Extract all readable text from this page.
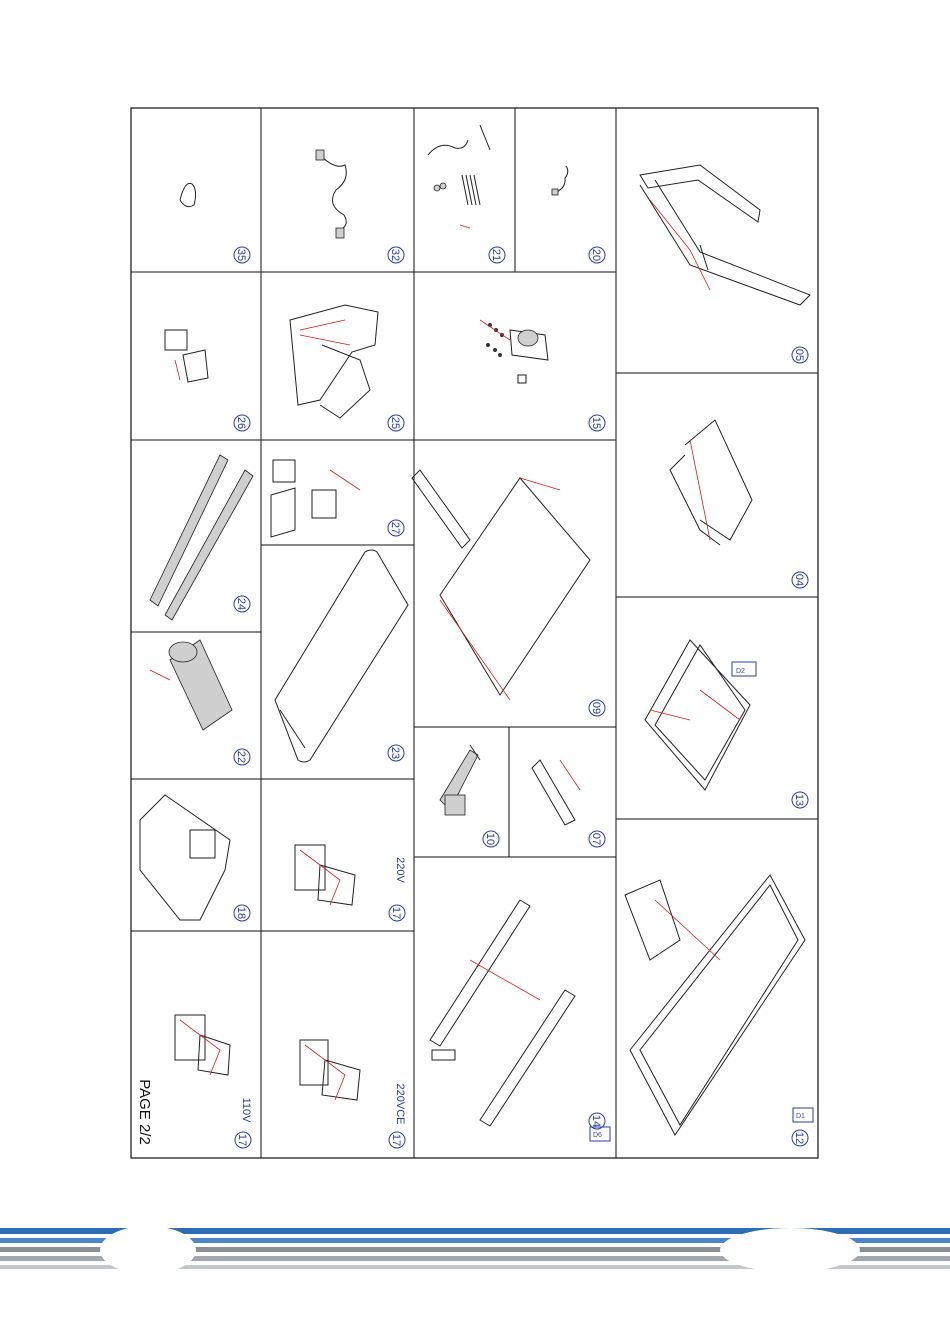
35	32	21	20
05
26	25	15
24
27
04
09
23
22
13
18	17
10	07
12
14
17	17
220V
110V	220VCE
PAGE 2/2
D2
D1
D6
